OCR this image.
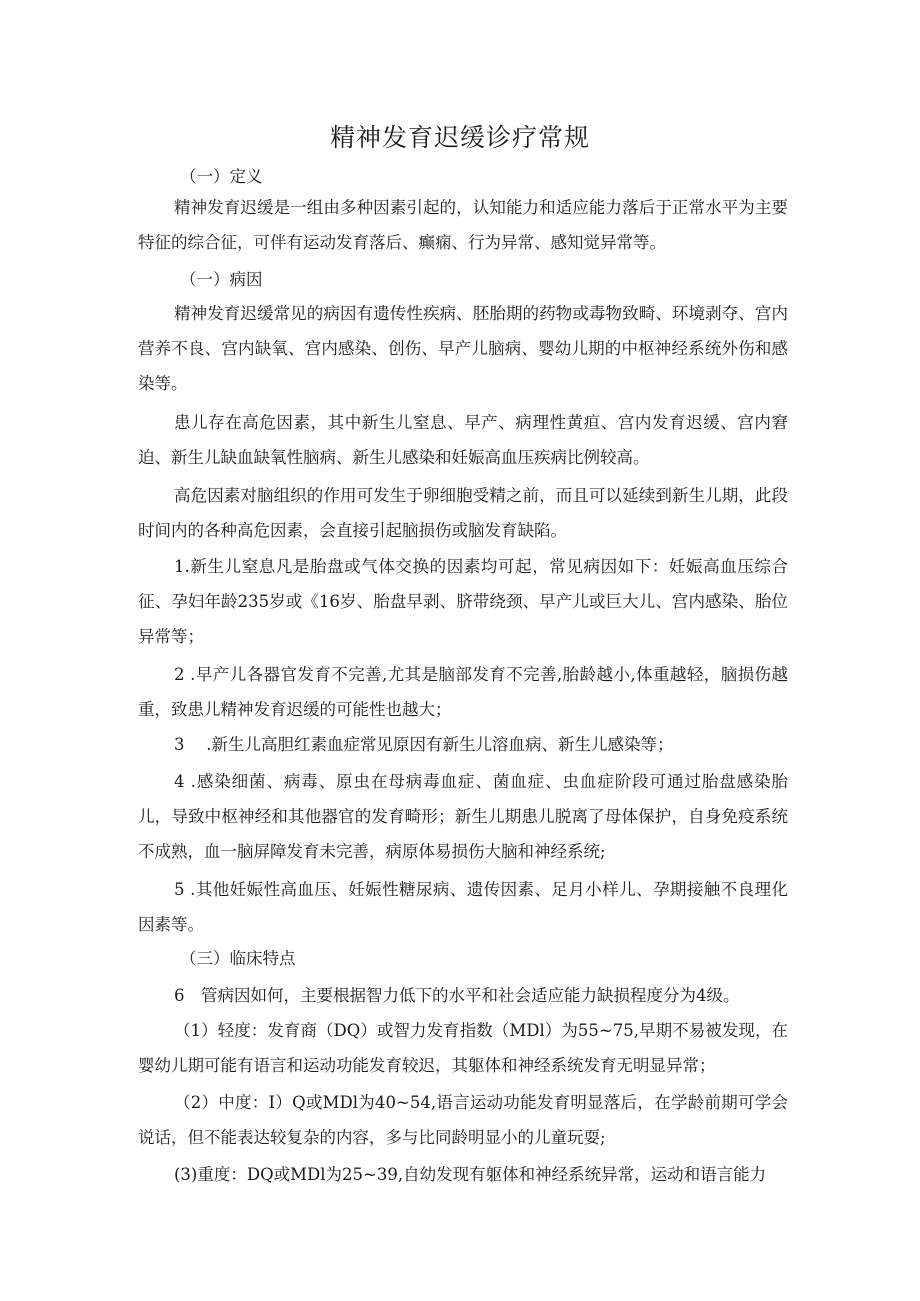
精神发育迟缓诊疗常规

（一）定义

精神发育迟缓是一组由多种因素引起的，认知能力和适应能力落后于正常水平为主要特征的综合征，可伴有运动发育落后、癫痫、行为异常、感知觉异常等。

（一）病因

精神发育迟缓常见的病因有遗传性疾病、胚胎期的药物或毒物致畸、环境剥夺、宫内营养不良、宫内缺氧、宫内感染、创伤、早产儿脑病、婴幼儿期的中枢神经系统外伤和感染等。

患儿存在高危因素，其中新生儿窒息、早产、病理性黄疸、宫内发育迟缓、宫内窘迫、新生儿缺血缺氧性脑病、新生儿感染和妊娠高血压疾病比例较高。

高危因素对脑组织的作用可发生于卵细胞受精之前，而且可以延续到新生儿期，此段时间内的各种高危因素，会直接引起脑损伤或脑发育缺陷。

1.新生儿窒息凡是胎盘或气体交换的因素均可起，常见病因如下：妊娠高血压综合征、孕妇年龄235岁或《16岁、胎盘早剥、脐带绕颈、早产儿或巨大儿、宫内感染、胎位异常等；

2 .早产儿各器官发育不完善,尤其是脑部发育不完善,胎龄越小,体重越轻，脑损伤越重，致患儿精神发育迟缓的可能性也越大；

3　 .新生儿高胆红素血症常见原因有新生儿溶血病、新生儿感染等；

4 .感染细菌、病毒、原虫在母病毒血症、菌血症、虫血症阶段可通过胎盘感染胎儿，导致中枢神经和其他器官的发育畸形；新生儿期患儿脱离了母体保护，自身免疫系统不成熟，血一脑屏障发育未完善，病原体易损伤大脑和神经系统;

5 .其他妊娠性高血压、妊娠性糖尿病、遗传因素、足月小样儿、孕期接触不良理化因素等。

（三）临床特点

6　管病因如何，主要根据智力低下的水平和社会适应能力缺损程度分为4级。

（1）轻度：发育商（DQ）或智力发育指数（MDl）为55~75,早期不易被发现，在婴幼儿期可能有语言和运动功能发育较迟，其躯体和神经系统发育无明显异常；

（2）中度：I）Q或MDl为40~54,语言运动功能发育明显落后，在学龄前期可学会说话，但不能表达较复杂的内容，多与比同龄明显小的儿童玩耍;

(3)重度：DQ或MDl为25~39,自幼发现有躯体和神经系统异常，运动和语言能力
